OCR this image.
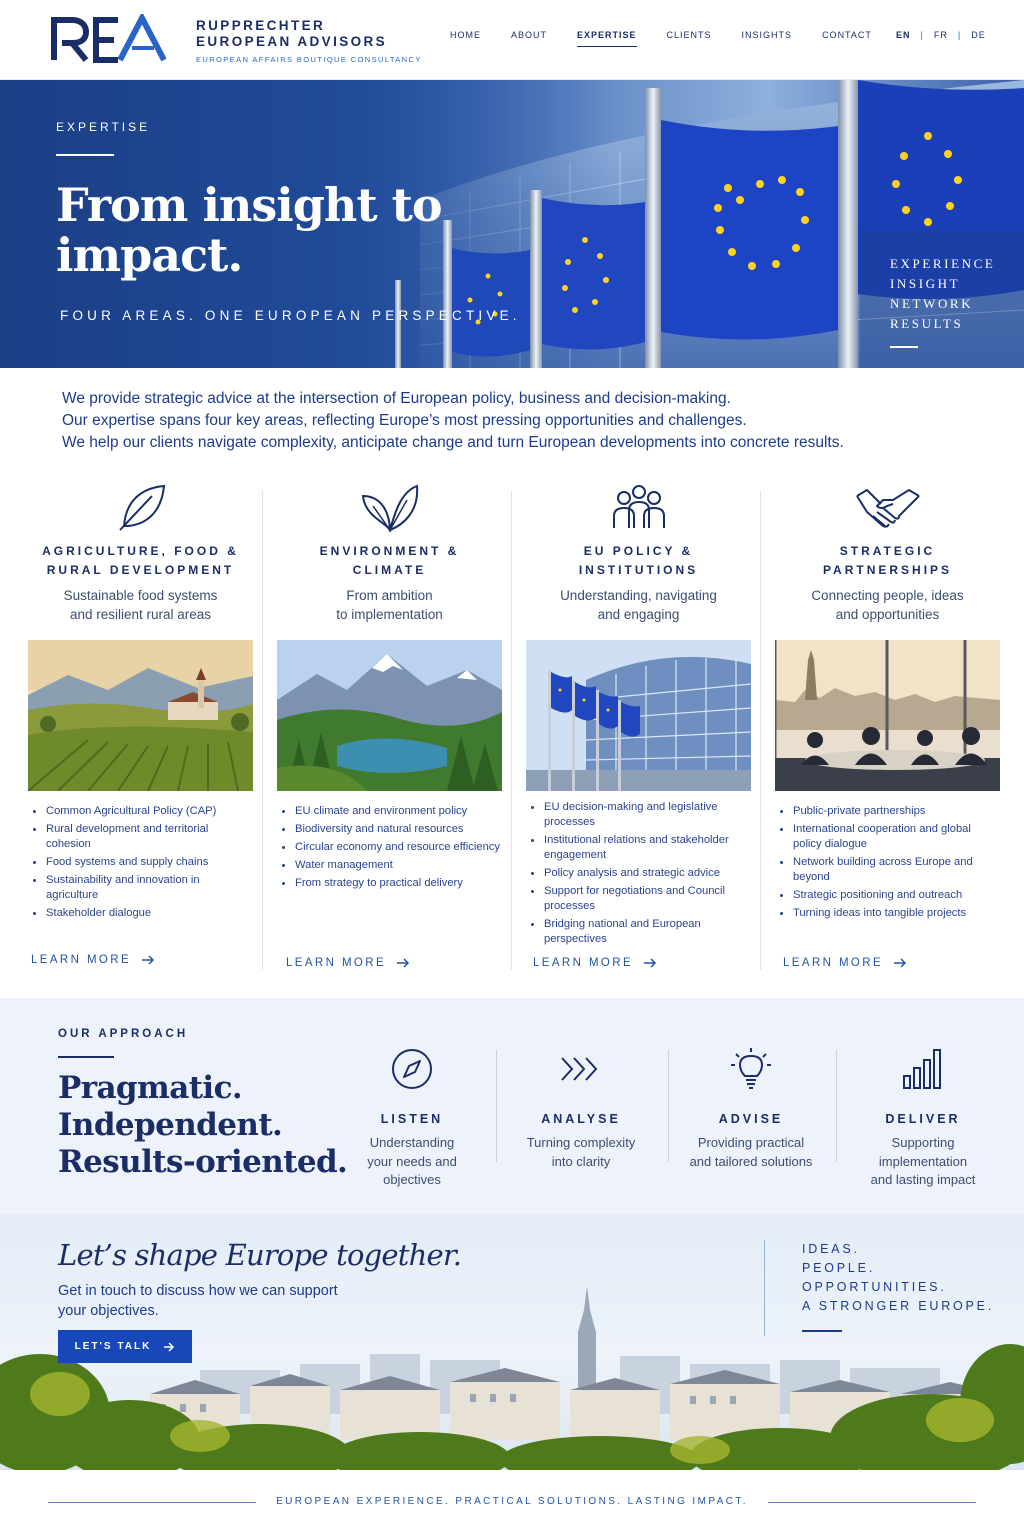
RUPPRECHTER
EUROPEAN ADVISORS
EUROPEAN AFFAIRS BOUTIQUE CONSULTANCY
HOME	ABOUT	EXPERTISE	CLIENTS	INSIGHTS	CONTACT	EN | FR | DE
EXPERTISE
From insight to impact.
FOUR AREAS. ONE EUROPEAN PERSPECTIVE.
EXPERIENCE
INSIGHT
NETWORK
RESULTS

We provide strategic advice at the intersection of European policy, business and decision-making.

Our expertise spans four key areas, reflecting Europe’s most pressing opportunities and challenges.

We help our clients navigate complexity, anticipate change and turn European developments into concrete results.

AGRICULTURE, FOOD &
RURAL DEVELOPMENT
Sustainable food systems
and resilient rural areas
Common Agricultural Policy (CAP)
Rural development and territorial cohesion
Food systems and supply chains
Sustainability and innovation in agriculture
Stakeholder dialogue
LEARN MORE
ENVIRONMENT &
CLIMATE
From ambition
to implementation
EU climate and environment policy
Biodiversity and natural resources
Circular economy and resource efficiency
Water management
From strategy to practical delivery
LEARN MORE
EU POLICY &
INSTITUTIONS
Understanding, navigating
and engaging
EU decision-making and legislative processes
Institutional relations and stakeholder engagement
Policy analysis and strategic advice
Support for negotiations and Council processes
Bridging national and European perspectives
LEARN MORE
STRATEGIC
PARTNERSHIPS
Connecting people, ideas
and opportunities
Public-private partnerships
International cooperation and global policy dialogue
Network building across Europe and beyond
Strategic positioning and outreach
Turning ideas into tangible projects
LEARN MORE
OUR APPROACH
Pragmatic.
Independent.
Results-oriented.
LISTEN
Understanding
your needs and
objectives
ANALYSE
Turning complexity
into clarity
ADVISE
Providing practical
and tailored solutions
DELIVER
Supporting
implementation
and lasting impact
Let’s shape Europe together.
Get in touch to discuss how we can support
your objectives.
LET'S TALK
IDEAS.
PEOPLE.
OPPORTUNITIES.
A STRONGER EUROPE.
EUROPEAN EXPERIENCE. PRACTICAL SOLUTIONS. LASTING IMPACT.
